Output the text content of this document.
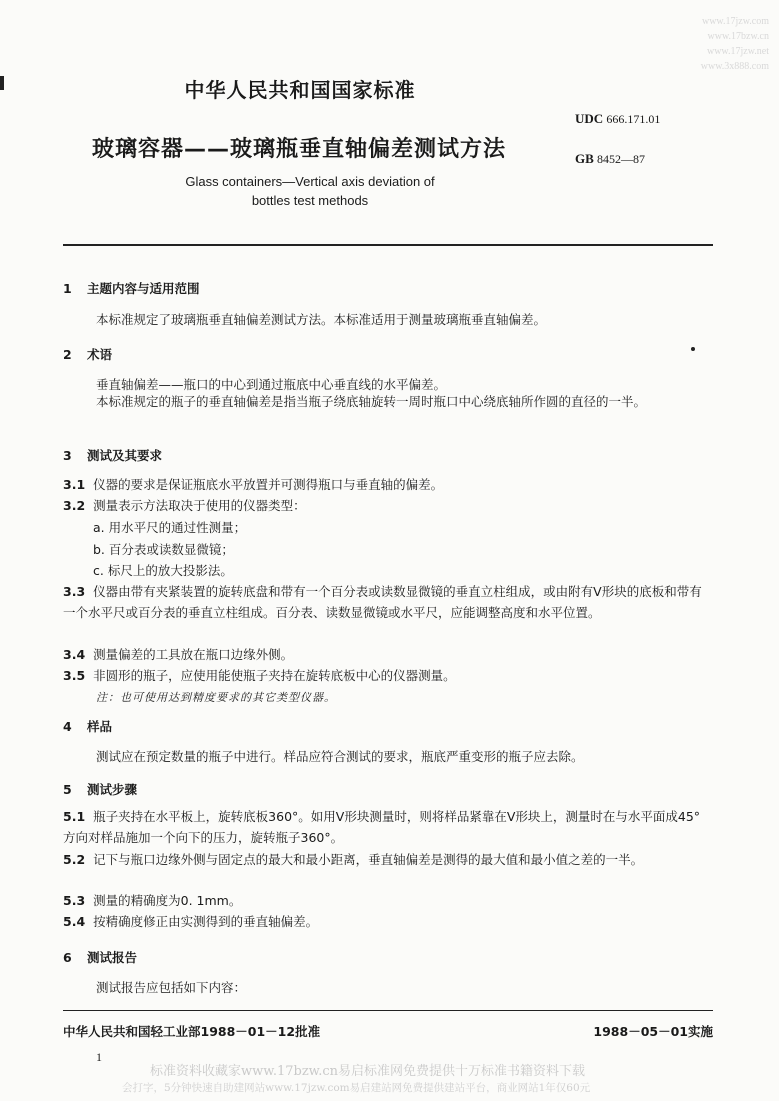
www.17jzw.com
www.17bzw.cn
www.17jzw.net
www.3x888.com
中华人民共和国国家标准
玻璃容器——玻璃瓶垂直轴偏差测试方法
Glass containers—Vertical axis deviation of
bottles test methods
UDC 666.171.01
GB 8452—87
1 主题内容与适用范围
本标准规定了玻璃瓶垂直轴偏差测试方法。本标准适用于测量玻璃瓶垂直轴偏差。
2 术语
垂直轴偏差——瓶口的中心到通过瓶底中心垂直线的水平偏差。
本标准规定的瓶子的垂直轴偏差是指当瓶子绕底轴旋转一周时瓶口中心绕底轴所作圆的直径的一半。
3 测试及其要求
3.1 仪器的要求是保证瓶底水平放置并可测得瓶口与垂直轴的偏差。
3.2 测量表示方法取决于使用的仪器类型：
a. 用水平尺的通过性测量；
b. 百分表或读数显微镜；
c. 标尺上的放大投影法。
3.3 仪器由带有夹紧装置的旋转底盘和带有一个百分表或读数显微镜的垂直立柱组成，或由附有V形块的底板和带有一个水平尺或百分表的垂直立柱组成。百分表、读数显微镜或水平尺，应能调整高度和水平位置。
3.4 测量偏差的工具放在瓶口边缘外侧。
3.5 非圆形的瓶子，应使用能使瓶子夹持在旋转底板中心的仪器测量。
注：也可使用达到精度要求的其它类型仪器。
4 样品
测试应在预定数量的瓶子中进行。样品应符合测试的要求，瓶底严重变形的瓶子应去除。
5 测试步骤
5.1 瓶子夹持在水平板上，旋转底板360°。如用V形块测量时，则将样品紧靠在V形块上，测量时在与水平面成45°方向对样品施加一个向下的压力，旋转瓶子360°。
5.2 记下与瓶口边缘外侧与固定点的最大和最小距离，垂直轴偏差是测得的最大值和最小值之差的一半。
5.3 测量的精确度为0. 1mm。
5.4 按精确度修正由实测得到的垂直轴偏差。
6 测试报告
测试报告应包括如下内容：
中华人民共和国轻工业部1988－01－12批准	1988－05－01实施
1
标准资料收藏家www.17bzw.cn易启标准网免费提供十万标准书籍资料下载
会打字，5分钟快速自助建网站www.17jzw.com易启建站网免费提供建站平台，商业网站1年仅60元
